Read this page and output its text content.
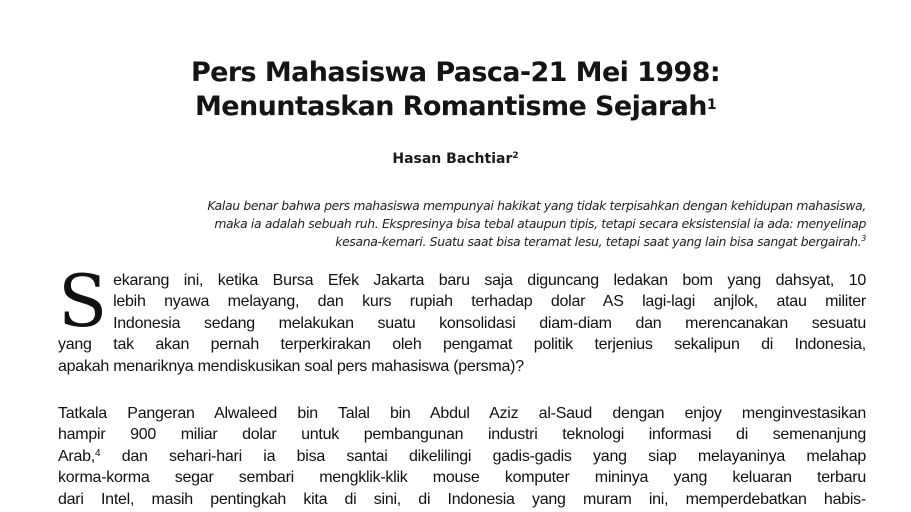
Pers Mahasiswa Pasca-21 Mei 1998:
Menuntaskan Romantisme Sejarah$^1$
Hasan Bachtiar$^2$
Kalau benar bahwa pers mahasiswa mempunyai hakikat yang tidak terpisahkan dengan kehidupan mahasiswa,
maka ia adalah sebuah ruh. Ekspresinya bisa tebal ataupun tipis, tetapi secara eksistensial ia ada: menyelinap
kesana-kemari. Suatu saat bisa teramat lesu, tetapi saat yang lain bisa sangat bergairah.$^3$
S ekarang ini, ketika Bursa Efek Jakarta baru saja diguncang ledakan bom yang dahsyat, 10
lebih nyawa melayang, dan kurs rupiah terhadap dolar AS lagi-lagi anjlok, atau militer
Indonesia sedang melakukan suatu konsolidasi diam-diam dan merencanakan sesuatu
yang tak akan pernah terperkirakan oleh pengamat politik terjenius sekalipun di Indonesia,
apakah menariknya mendiskusikan soal pers mahasiswa (persma)?
Tatkala Pangeran Alwaleed bin Talal bin Abdul Aziz al-Saud dengan enjoy menginvestasikan
hampir 900 miliar dolar untuk pembangunan industri teknologi informasi di semenanjung
Arab,$^4$ dan sehari-hari ia bisa santai dikelilingi gadis-gadis yang siap melayaninya melahap
korma-korma segar sembari mengklik-klik mouse komputer mininya yang keluaran terbaru
dari Intel, masih pentingkah kita di sini, di Indonesia yang muram ini, memperdebatkan habis-
